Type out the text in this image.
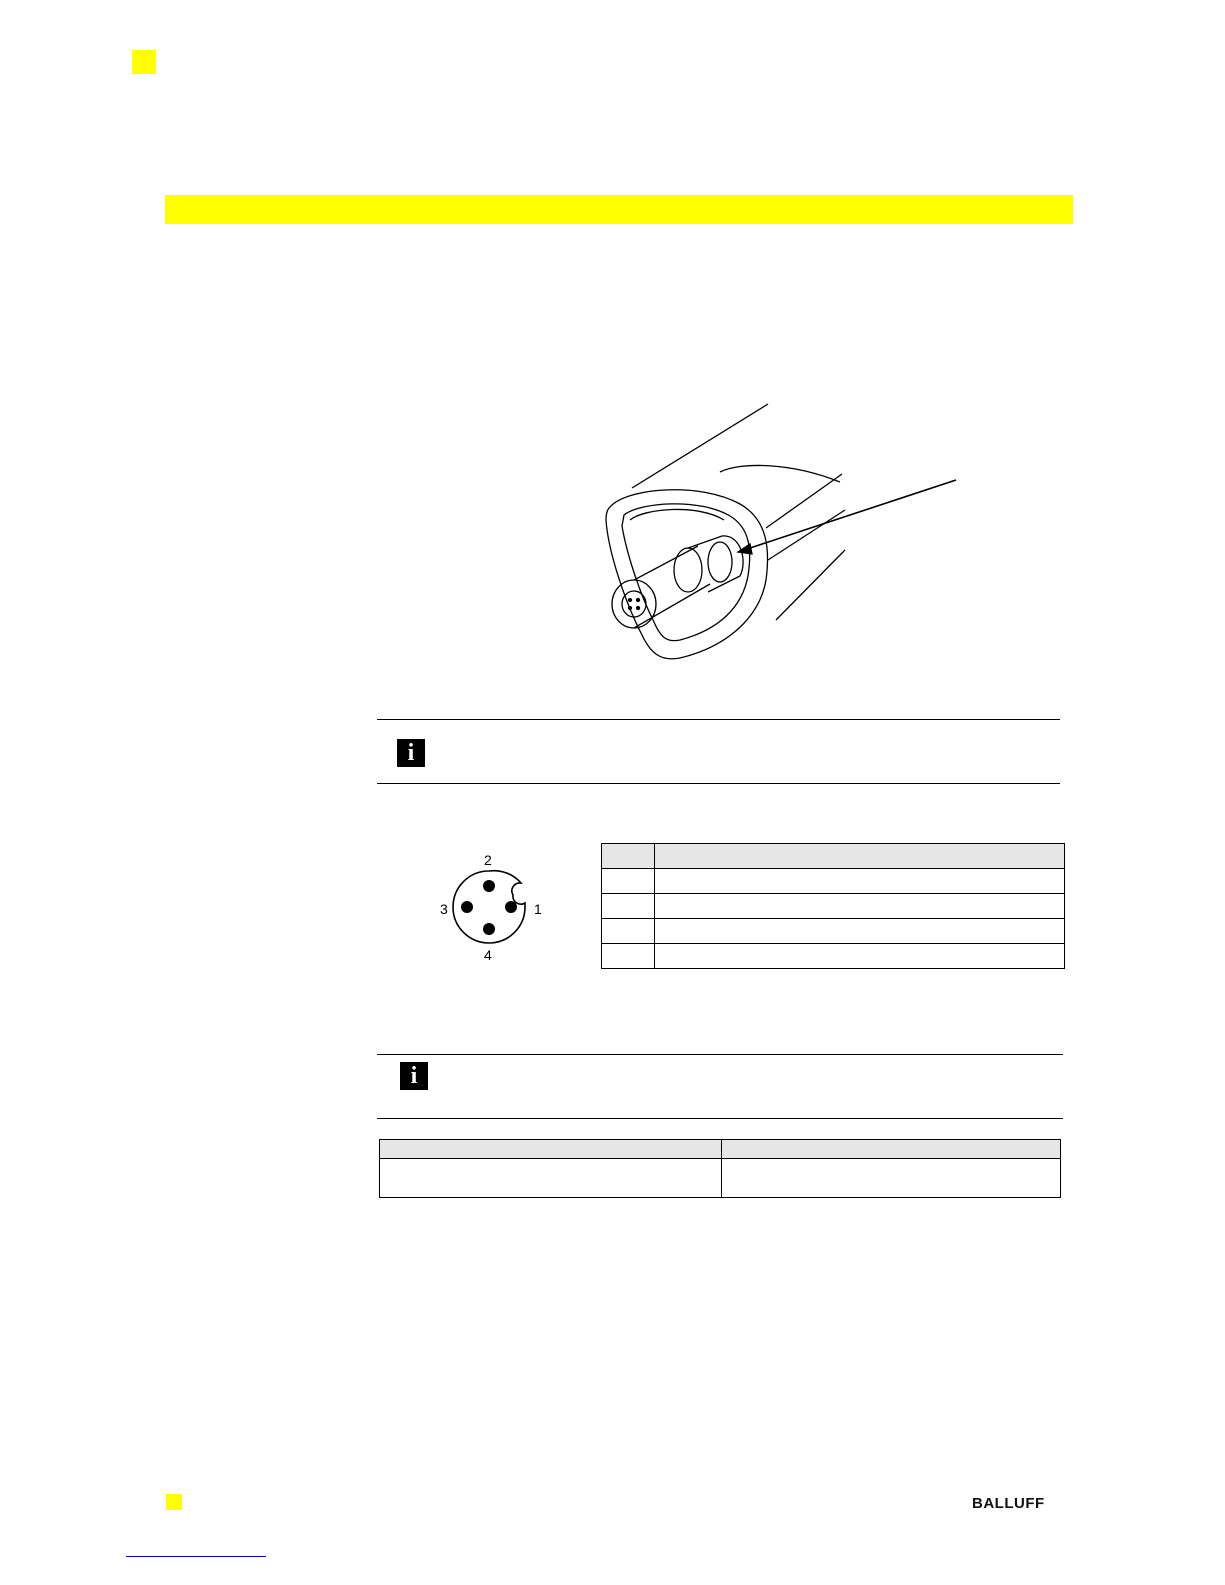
i
2
1
3
4

i

BALLUFF
